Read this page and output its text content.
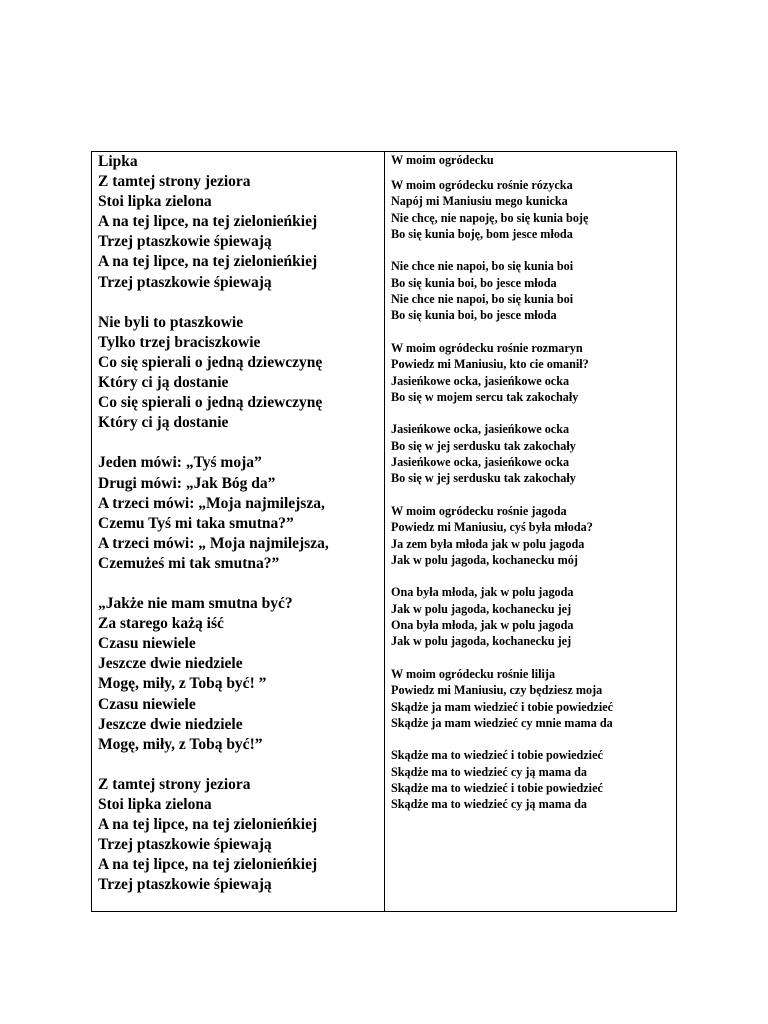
Lipka
Z tamtej strony jeziora
Stoi lipka zielona
A na tej lipce, na tej zielonieńkiej
Trzej ptaszkowie śpiewają
A na tej lipce, na tej zielonieńkiej
Trzej ptaszkowie śpiewają
Nie byli to ptaszkowie
Tylko trzej braciszkowie
Co się spierali o jedną dziewczynę
Który ci ją dostanie
Co się spierali o jedną dziewczynę
Który ci ją dostanie
Jeden mówi: „Tyś moja”
Drugi mówi: „Jak Bóg da”
A trzeci mówi: „Moja najmilejsza,
Czemu Tyś mi taka smutna?”
A trzeci mówi: „ Moja najmilejsza,
Czemużeś mi tak smutna?”
„Jakże nie mam smutna być?
Za starego każą iść
Czasu niewiele
Jeszcze dwie niedziele
Mogę, miły, z Tobą być! ”
Czasu niewiele
Jeszcze dwie niedziele
Mogę, miły, z Tobą być!”
Z tamtej strony jeziora
Stoi lipka zielona
A na tej lipce, na tej zielonieńkiej
Trzej ptaszkowie śpiewają
A na tej lipce, na tej zielonieńkiej
Trzej ptaszkowie śpiewają
W moim ogródecku
W moim ogródecku rośnie rózycka
Napój mi Maniusiu mego kunicka
Nie chcę, nie napoję, bo się kunia boję
Bo się kunia boję, bom jesce młoda
Nie chce nie napoi, bo się kunia boi
Bo się kunia boi, bo jesce młoda
Nie chce nie napoi, bo się kunia boi
Bo się kunia boi, bo jesce młoda
W moim ogródecku rośnie rozmaryn
Powiedz mi Maniusiu, kto cie omanił?
Jasieńkowe ocka, jasieńkowe ocka
Bo się w mojem sercu tak zakochały
Jasieńkowe ocka, jasieńkowe ocka
Bo się w jej serdusku tak zakochały
Jasieńkowe ocka, jasieńkowe ocka
Bo się w jej serdusku tak zakochały
W moim ogródecku rośnie jagoda
Powiedz mi Maniusiu, cyś była młoda?
Ja zem była młoda jak w polu jagoda
Jak w polu jagoda, kochanecku mój
Ona była młoda, jak w polu jagoda
Jak w polu jagoda, kochanecku jej
Ona była młoda, jak w polu jagoda
Jak w polu jagoda, kochanecku jej
W moim ogródecku rośnie lilija
Powiedz mi Maniusiu, czy będziesz moja
Skądże ja mam wiedzieć i tobie powiedzieć
Skądże ja mam wiedzieć cy mnie mama da
Skądże ma to wiedzieć i tobie powiedzieć
Skądże ma to wiedzieć cy ją mama da
Skądże ma to wiedzieć i tobie powiedzieć
Skądże ma to wiedzieć cy ją mama da
